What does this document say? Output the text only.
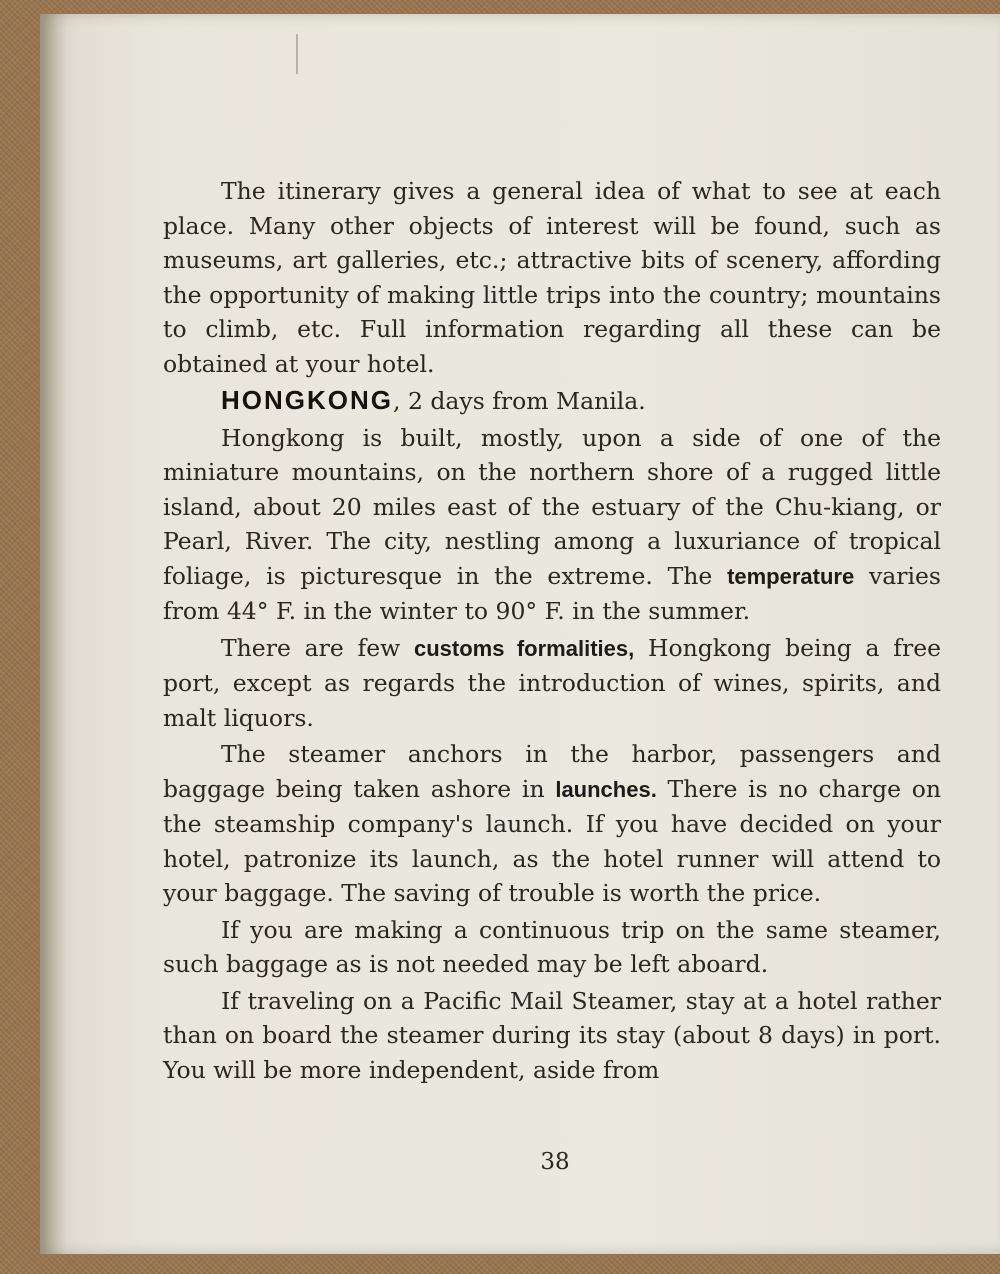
The itinerary gives a general idea of what to see at each place. Many other objects of interest will be found, such as museums, art galleries, etc.; attractive bits of scenery, affording the opportunity of making little trips into the country; mountains to climb, etc. Full information regarding all these can be obtained at your hotel.

HONGKONG, 2 days from Manila.

Hongkong is built, mostly, upon a side of one of the miniature mountains, on the northern shore of a rugged little island, about 20 miles east of the estuary of the Chu-kiang, or Pearl, River. The city, nestling among a luxuriance of tropical foliage, is picturesque in the extreme. The temperature varies from 44° F. in the winter to 90° F. in the summer.

There are few customs formalities, Hongkong being a free port, except as regards the introduction of wines, spirits, and malt liquors.

The steamer anchors in the harbor, passengers and baggage being taken ashore in launches. There is no charge on the steamship company's launch. If you have decided on your hotel, patronize its launch, as the hotel runner will attend to your baggage. The saving of trouble is worth the price.

If you are making a continuous trip on the same steamer, such baggage as is not needed may be left aboard.

If traveling on a Pacific Mail Steamer, stay at a hotel rather than on board the steamer during its stay (about 8 days) in port. You will be more independent, aside from

38
